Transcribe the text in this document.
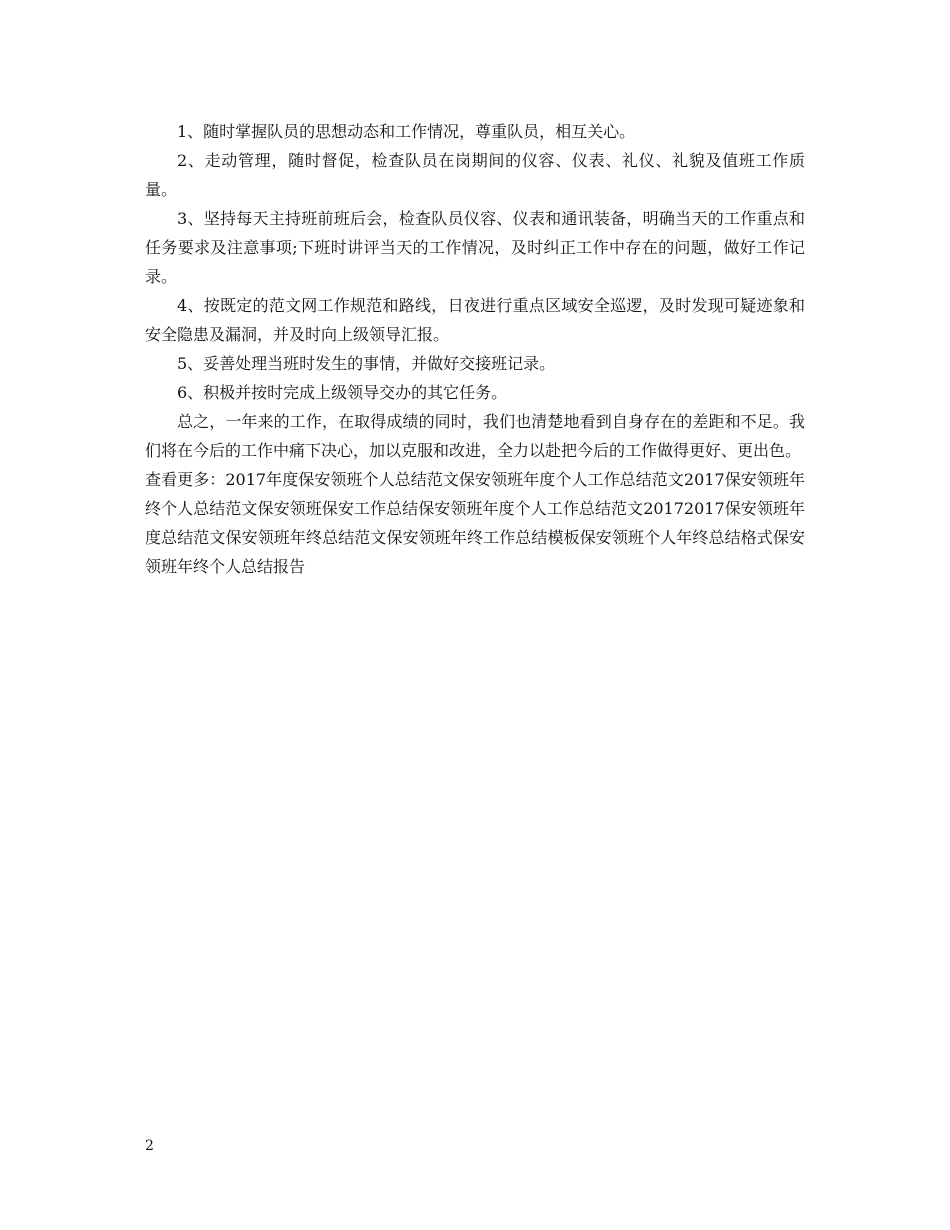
1、随时掌握队员的思想动态和工作情况，尊重队员，相互关心。

2、走动管理，随时督促，检查队员在岗期间的仪容、仪表、礼仪、礼貌及值班工作质量。

3、坚持每天主持班前班后会，检查队员仪容、仪表和通讯装备，明确当天的工作重点和任务要求及注意事项;下班时讲评当天的工作情况，及时纠正工作中存在的问题，做好工作记录。

4、按既定的范文网工作规范和路线，日夜进行重点区域安全巡逻，及时发现可疑迹象和安全隐患及漏洞，并及时向上级领导汇报。

5、妥善处理当班时发生的事情，并做好交接班记录。

6、积极并按时完成上级领导交办的其它任务。

总之，一年来的工作，在取得成绩的同时，我们也清楚地看到自身存在的差距和不足。我们将在今后的工作中痛下决心，加以克服和改进，全力以赴把今后的工作做得更好、更出色。

查看更多：2017年度保安领班个人总结范文保安领班年度个人工作总结范文2017保安领班年终个人总结范文保安领班保安工作总结保安领班年度个人工作总结范文20172017保安领班年度总结范文保安领班年终总结范文保安领班年终工作总结模板保安领班个人年终总结格式保安领班年终个人总结报告

2
